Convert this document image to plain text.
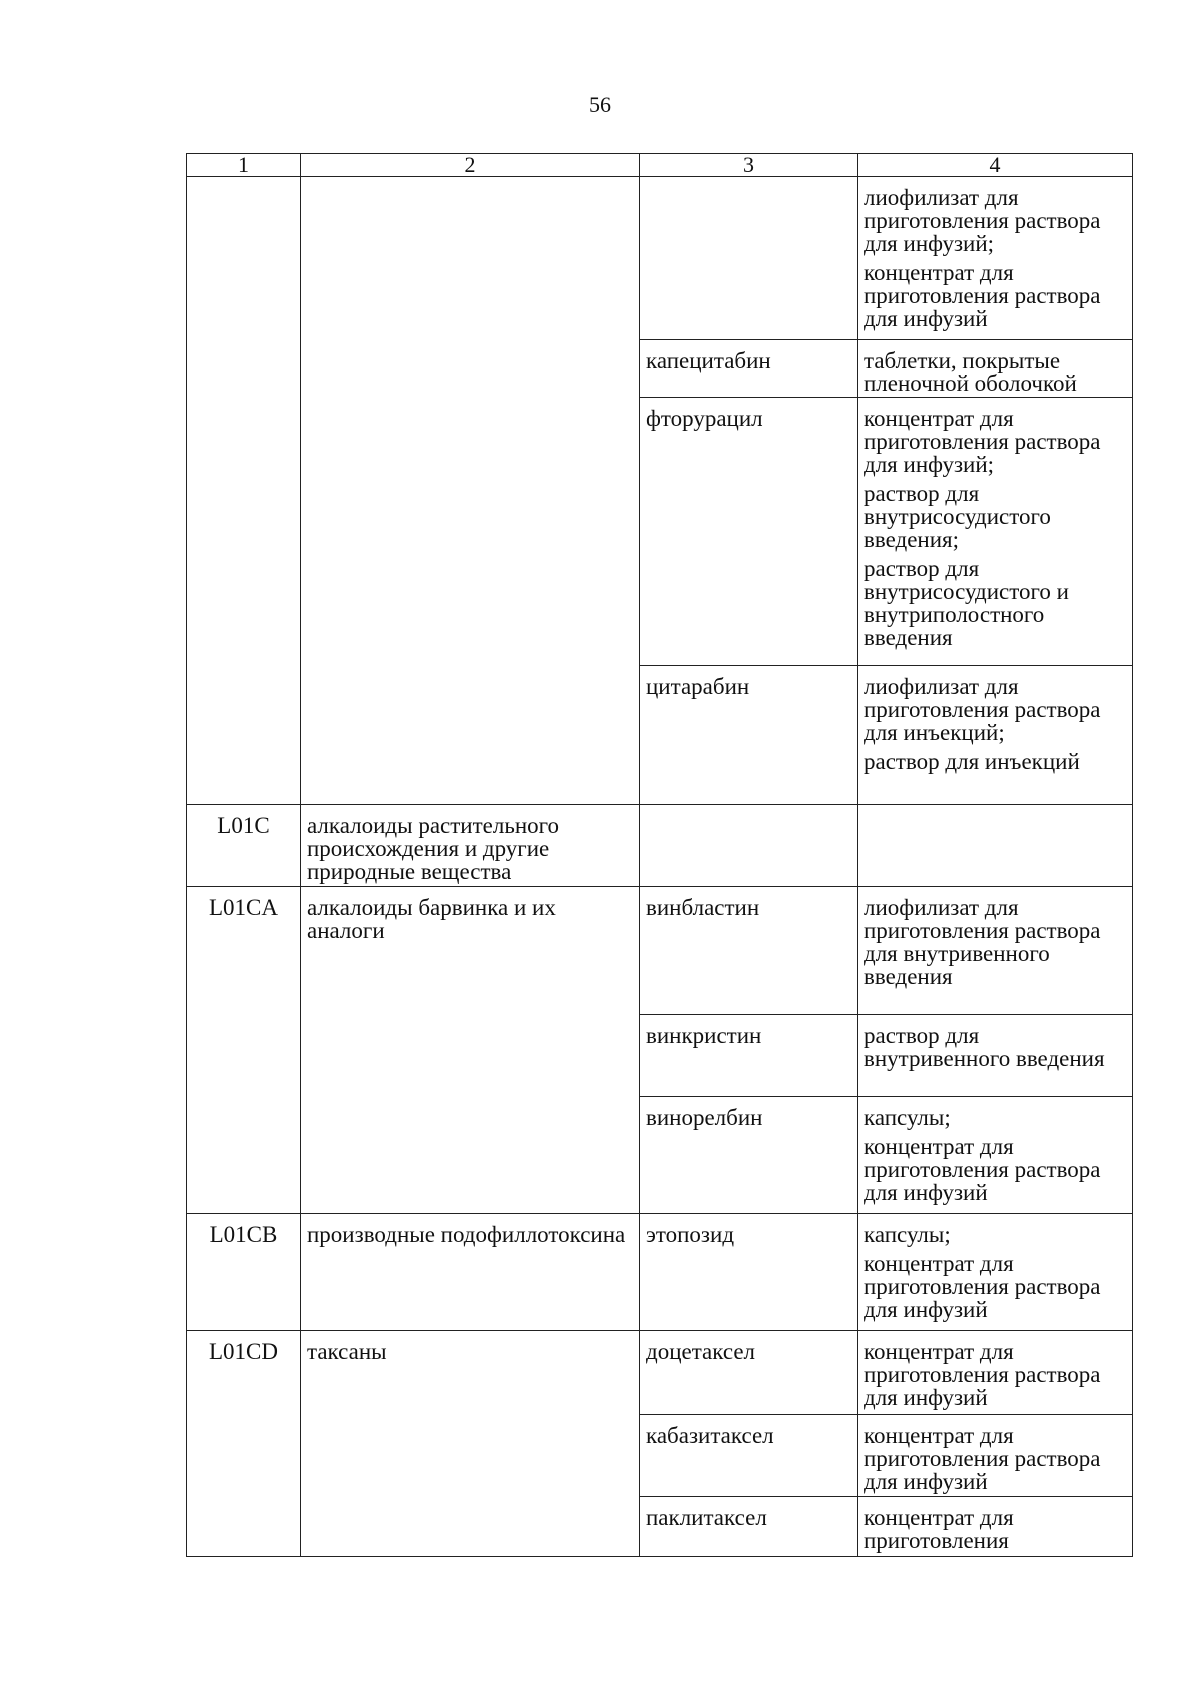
56
1	2	3	4

			лиофилизат для приготовления раствора для инфузий;
концентрат для приготовления раствора для инфузий

		капецитабин	таблетки, покрытые пленочной оболочкой

		фторурацил	концентрат для приготовления раствора для инфузий;
раствор для внутрисосудистого введения;
раствор для внутрисосудистого и внутриполостного введения

		цитарабин	лиофилизат для приготовления раствора для инъекций;
раствор для инъекций

L01C	алкалоиды растительного происхождения и другие природные вещества		
L01CA	алкалоиды барвинка и их аналоги	винбластин	лиофилизат для приготовления раствора для внутривенного введения

		винкристин	раствор для внутривенного введения

		винорелбин	капсулы;
концентрат для приготовления раствора для инфузий

L01CB	производные подофиллотоксина	этопозид	капсулы;
концентрат для приготовления раствора для инфузий

L01CD	таксаны	доцетаксел	концентрат для приготовления раствора для инфузий

		кабазитаксел	концентрат для приготовления раствора для инфузий

		паклитаксел	концентрат для приготовления
